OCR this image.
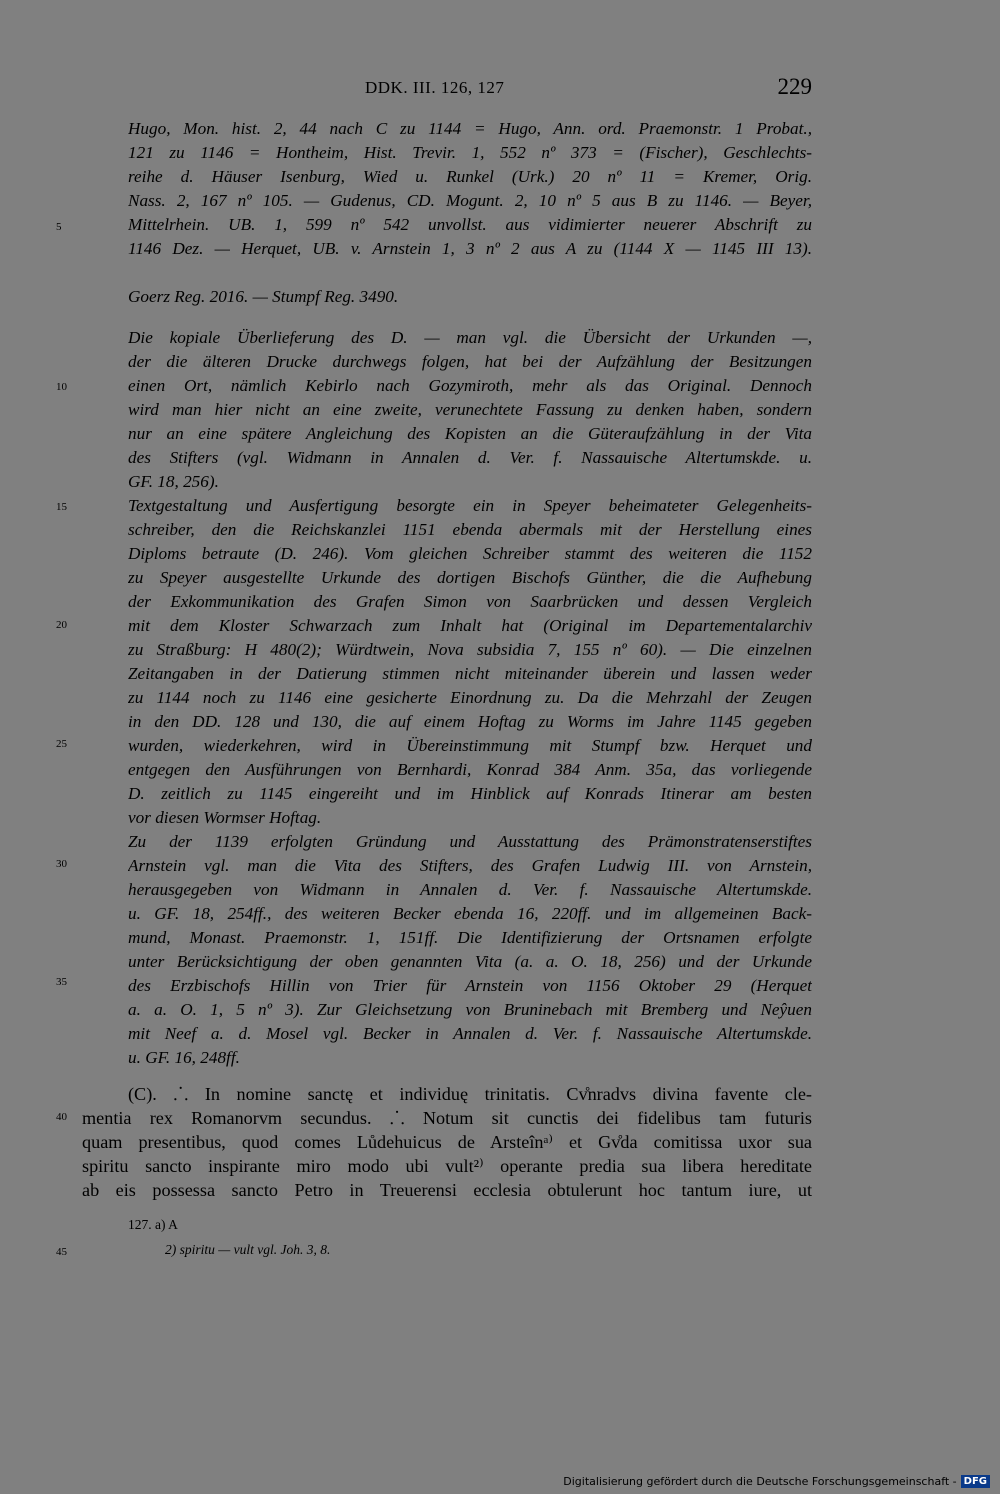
DDK. III. 126, 127	229
Hugo, Mon. hist. 2, 44 nach C zu 1144 = Hugo, Ann. ord. Praemonstr. 1 Probat.,
121 zu 1146 = Hontheim, Hist. Trevir. 1, 552 nº 373 = (Fischer), Geschlechts-
reihe d. Häuser Isenburg, Wied u. Runkel (Urk.) 20 nº 11 = Kremer, Orig.
Nass. 2, 167 nº 105. — Gudenus, CD. Mogunt. 2, 10 nº 5 aus B zu 1146. — Beyer,
Mittelrhein. UB. 1, 599 nº 542 unvollst. aus vidimierter neuerer Abschrift zu
1146 Dez. — Herquet, UB. v. Arnstein 1, 3 nº 2 aus A zu (1144 X — 1145 III 13).
Goerz Reg. 2016. — Stumpf Reg. 3490.
Die kopiale Überlieferung des D. — man vgl. die Übersicht der Urkunden —,
der die älteren Drucke durchwegs folgen, hat bei der Aufzählung der Besitzungen
einen Ort, nämlich Kebirlo nach Gozymiroth, mehr als das Original. Dennoch
wird man hier nicht an eine zweite, verunechtete Fassung zu denken haben, sondern
nur an eine spätere Angleichung des Kopisten an die Güteraufzählung in der Vita
des Stifters (vgl. Widmann in Annalen d. Ver. f. Nassauische Altertumskde. u.
GF. 18, 256).
Textgestaltung und Ausfertigung besorgte ein in Speyer beheimateter Gelegenheits-
schreiber, den die Reichskanzlei 1151 ebenda abermals mit der Herstellung eines
Diploms betraute (D. 246). Vom gleichen Schreiber stammt des weiteren die 1152
zu Speyer ausgestellte Urkunde des dortigen Bischofs Günther, die die Aufhebung
der Exkommunikation des Grafen Simon von Saarbrücken und dessen Vergleich
mit dem Kloster Schwarzach zum Inhalt hat (Original im Departementalarchiv
zu Straßburg: H 480(2); Würdtwein, Nova subsidia 7, 155 nº 60). — Die einzelnen
Zeitangaben in der Datierung stimmen nicht miteinander überein und lassen weder
zu 1144 noch zu 1146 eine gesicherte Einordnung zu. Da die Mehrzahl der Zeugen
in den DD. 128 und 130, die auf einem Hoftag zu Worms im Jahre 1145 gegeben
wurden, wiederkehren, wird in Übereinstimmung mit Stumpf bzw. Herquet und
entgegen den Ausführungen von Bernhardi, Konrad 384 Anm. 35a, das vorliegende
D. zeitlich zu 1145 eingereiht und im Hinblick auf Konrads Itinerar am besten
vor diesen Wormser Hoftag.
Zu der 1139 erfolgten Gründung und Ausstattung des Prämonstratenserstiftes
Arnstein vgl. man die Vita des Stifters, des Grafen Ludwig III. von Arnstein,
herausgegeben von Widmann in Annalen d. Ver. f. Nassauische Altertumskde.
u. GF. 18, 254ff., des weiteren Becker ebenda 16, 220ff. und im allgemeinen Back-
mund, Monast. Praemonstr. 1, 151ff. Die Identifizierung der Ortsnamen erfolgte
unter Berücksichtigung der oben genannten Vita (a. a. O. 18, 256) und der Urkunde
des Erzbischofs Hillin von Trier für Arnstein von 1156 Oktober 29 (Herquet
a. a. O. 1, 5 nº 3). Zur Gleichsetzung von Bruninebach mit Bremberg und Neŷuen
mit Neef a. d. Mosel vgl. Becker in Annalen d. Ver. f. Nassauische Altertumskde.
u. GF. 16, 248ff.
(C). ⸫ In nomine sanctę et individuę trinitatis. Cv̊nradvs divina favente cle-
mentia rex Romanorvm secundus. ⸫ Notum sit cunctis dei fidelibus tam futuris
quam presentibus, quod comes Lůdehuicus de Arsteînᵃ⁾ et Gv̊da comitissa uxor sua
spiritu sancto inspirante miro modo ubi vult²⁾ operante predia sua libera hereditate
ab eis possessa sancto Petro in Treuerensi ecclesia obtulerunt hoc tantum iure, ut
127. a) A
2) spiritu — vult vgl. Joh. 3, 8.
5
10
15
20
25
30
35
40
45
Digitalisierung gefördert durch die Deutsche Forschungsgemeinschaft - DFG
